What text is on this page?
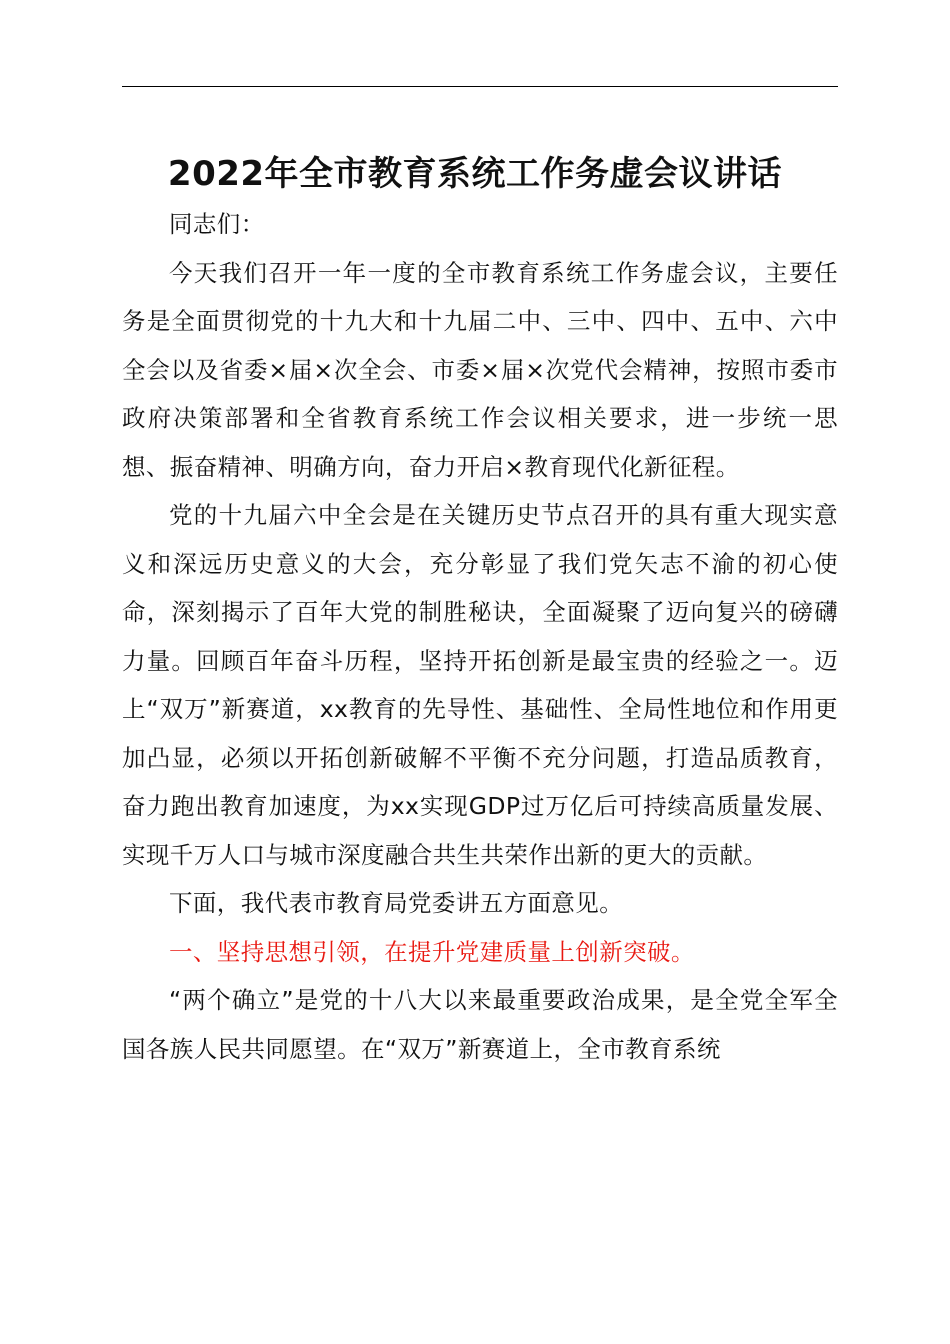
2022年全市教育系统工作务虚会议讲话

同志们：

今天我们召开一年一度的全市教育系统工作务虚会议，主要任务是全面贯彻党的十九大和十九届二中、三中、四中、五中、六中全会以及省委×届×次全会、市委×届×次党代会精神，按照市委市政府决策部署和全省教育系统工作会议相关要求，进一步统一思想、振奋精神、明确方向，奋力开启×教育现代化新征程。

党的十九届六中全会是在关键历史节点召开的具有重大现实意义和深远历史意义的大会，充分彰显了我们党矢志不渝的初心使命，深刻揭示了百年大党的制胜秘诀，全面凝聚了迈向复兴的磅礴力量。回顾百年奋斗历程，坚持开拓创新是最宝贵的经验之一。迈上“双万”新赛道，xx教育的先导性、基础性、全局性地位和作用更加凸显，必须以开拓创新破解不平衡不充分问题，打造品质教育，奋力跑出教育加速度，为xx实现GDP过万亿后可持续高质量发展、实现千万人口与城市深度融合共生共荣作出新的更大的贡献。

下面，我代表市教育局党委讲五方面意见。

一、坚持思想引领，在提升党建质量上创新突破。

“两个确立”是党的十八大以来最重要政治成果，是全党全军全国各族人民共同愿望。在“双万”新赛道上，全市教育系统
